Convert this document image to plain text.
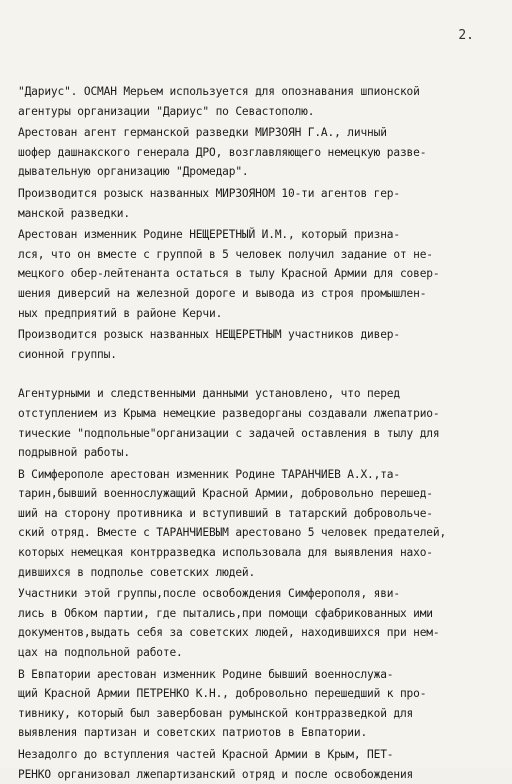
2.

"Дариус". ОСМАН Мерьем используется для опознавания шпионской
агентуры организации "Дариус" по Севастополю.

Арестован агент германской разведки МИРЗОЯН Г.А., личный
шофер дашнакского генерала ДРО, возглавляющего немецкую разве-
дывательную организацию "Дромедар".

Производится розыск названных МИРЗОЯНОМ 10-ти агентов гер-
манской разведки.

Арестован изменник Родине НЕЩЕРЕТНЫЙ И.М., который призна-
лся, что он вместе с группой в 5 человек получил задание от не-
мецкого обер-лейтенанта остаться в тылу Красной Армии для совер-
шения диверсий на железной дороге и вывода из строя промышлен-
ных предприятий в районе Керчи.

Производится розыск названных НЕЩЕРЕТНЫМ участников дивер-
сионной группы.

Агентурными и следственными данными установлено, что перед
отступлением из Крыма немецкие разведорганы создавали лжепатрио-
тические "подпольные"организации с задачей оставления в тылу для
подрывной работы.

В Симферополе арестован изменник Родине ТАРАНЧИЕВ А.Х.,тa-
тарин,бывший военнослужащий Красной Армии, добровольно перешед-
ший на сторону противника и вступивший в татарский добровольче-
ский отряд. Вместе с ТАРАНЧИЕВЫМ арестовано 5 человек предателей,
которых немецкая контрразведка использовала для выявления нахо-
дившихся в подполье советских людей.

Участники этой группы,после освобождения Симферополя, яви-
лись в Обком партии, где пытались,при помощи сфабрикованных ими
документов,выдать себя за советских людей, находившихся при нем-
цах на подпольной работе.

В Евпатории арестован изменник Родине бывший военнослужа-
щий Красной Армии ПЕТРЕНКО К.Н., добровольно перешедший к про-
тивнику, который был завербован румынской контрразведкой для
выявления партизан и советских патриотов в Евпатории.

Незадолго до вступления частей Красной Армии в Крым, ПЕТ-
РЕНКО организовал лжепартизанский отряд и после освобождения
